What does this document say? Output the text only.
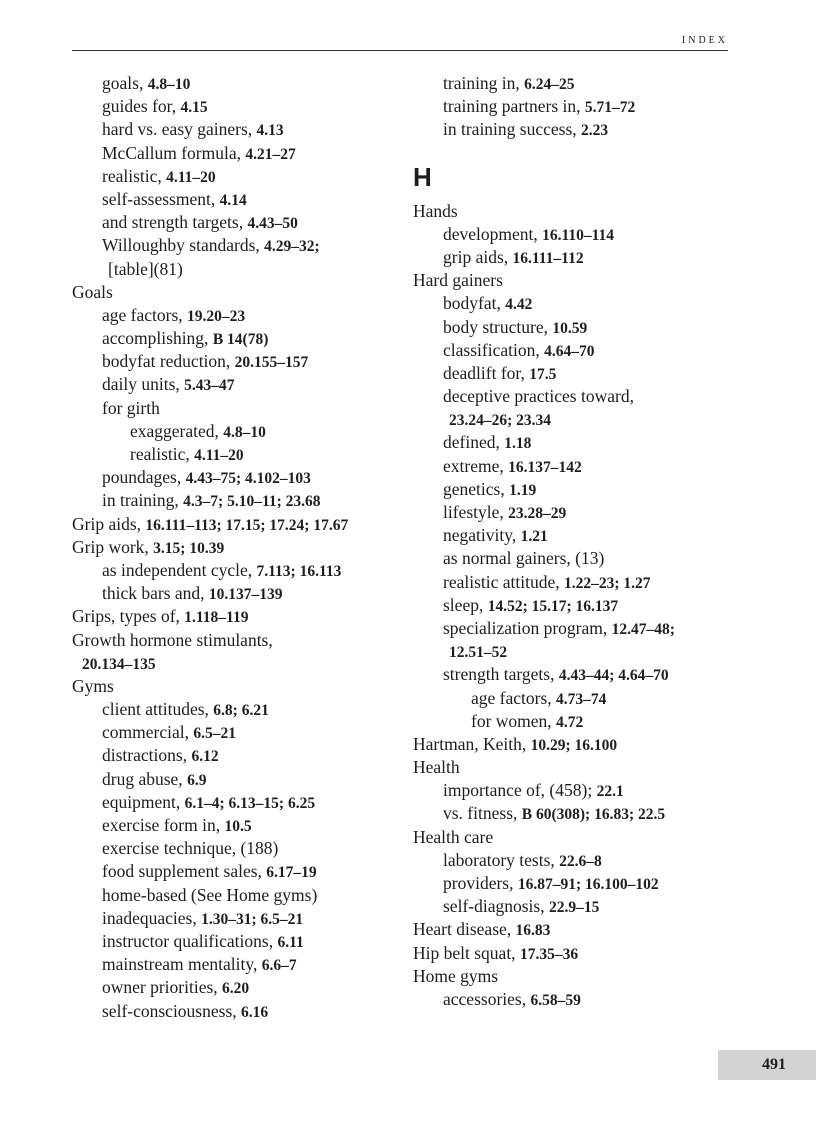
INDEX
goals, 4.8–10
guides for, 4.15
hard vs. easy gainers, 4.13
McCallum formula, 4.21–27
realistic, 4.11–20
self-assessment, 4.14
and strength targets, 4.43–50
Willoughby standards, 4.29–32;
[table](81)
Goals
age factors, 19.20–23
accomplishing, B 14(78)
bodyfat reduction, 20.155–157
daily units, 5.43–47
for girth
exaggerated, 4.8–10
realistic, 4.11–20
poundages, 4.43–75; 4.102–103
in training, 4.3–7; 5.10–11; 23.68
Grip aids, 16.111–113; 17.15; 17.24; 17.67
Grip work, 3.15; 10.39
as independent cycle, 7.113; 16.113
thick bars and, 10.137–139
Grips, types of, 1.118–119
Growth hormone stimulants,
20.134–135
Gyms
client attitudes, 6.8; 6.21
commercial, 6.5–21
distractions, 6.12
drug abuse, 6.9
equipment, 6.1–4; 6.13–15; 6.25
exercise form in, 10.5
exercise technique, (188)
food supplement sales, 6.17–19
home-based (See Home gyms)
inadequacies, 1.30–31; 6.5–21
instructor qualifications, 6.11
mainstream mentality, 6.6–7
owner priorities, 6.20
self-consciousness, 6.16
training in, 6.24–25
training partners in, 5.71–72
in training success, 2.23
H
Hands
development, 16.110–114
grip aids, 16.111–112
Hard gainers
bodyfat, 4.42
body structure, 10.59
classification, 4.64–70
deadlift for, 17.5
deceptive practices toward,
23.24–26; 23.34
defined, 1.18
extreme, 16.137–142
genetics, 1.19
lifestyle, 23.28–29
negativity, 1.21
as normal gainers, (13)
realistic attitude, 1.22–23; 1.27
sleep, 14.52; 15.17; 16.137
specialization program, 12.47–48;
12.51–52
strength targets, 4.43–44; 4.64–70
age factors, 4.73–74
for women, 4.72
Hartman, Keith, 10.29; 16.100
Health
importance of, (458); 22.1
vs. fitness, B 60(308); 16.83; 22.5
Health care
laboratory tests, 22.6–8
providers, 16.87–91; 16.100–102
self-diagnosis, 22.9–15
Heart disease, 16.83
Hip belt squat, 17.35–36
Home gyms
accessories, 6.58–59
491
